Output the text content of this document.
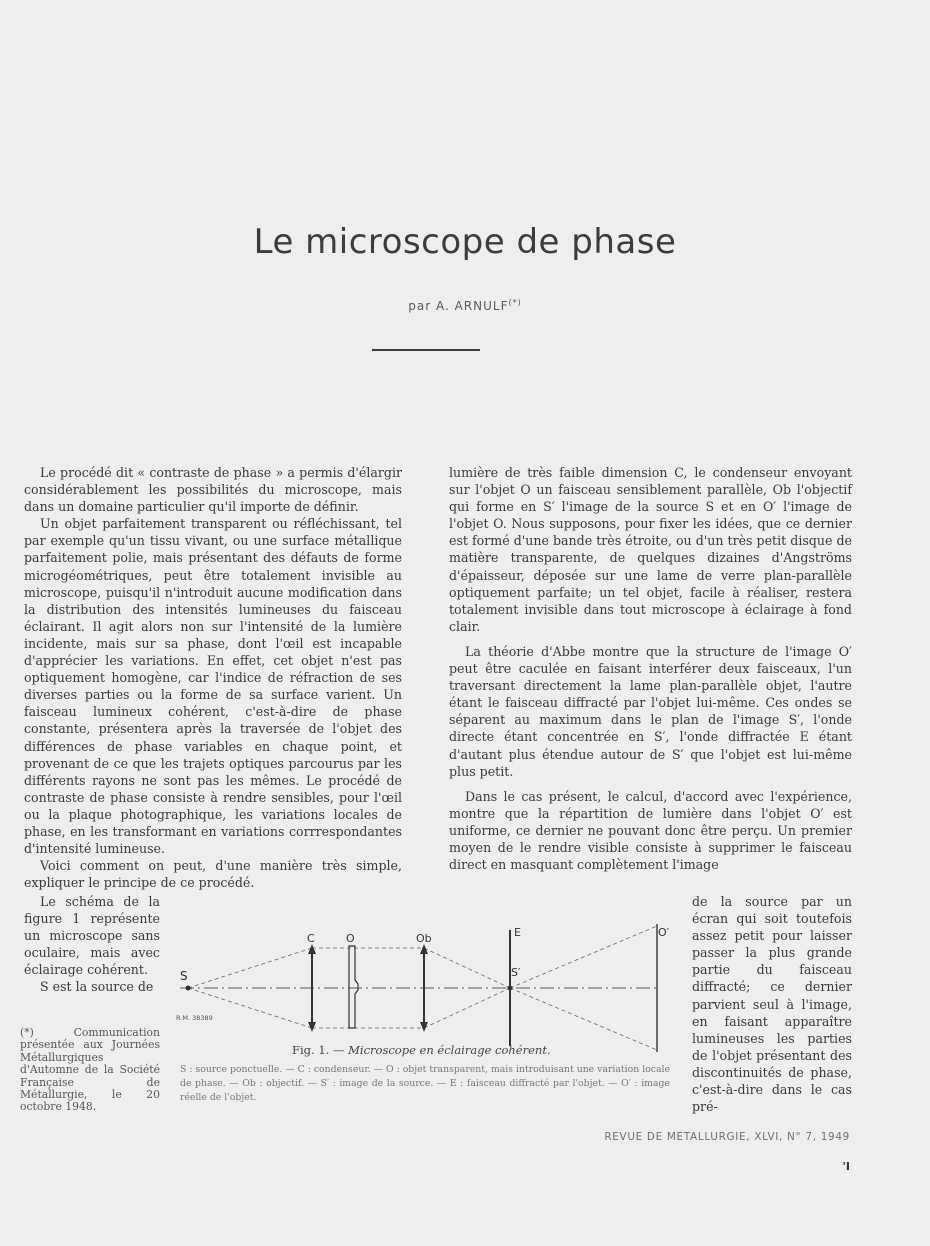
Le microscope de phase
par A. ARNULF(*)

Le procédé dit « contraste de phase » a permis d'élargir considérablement les possibilités du microscope, mais dans un domaine particulier qu'il importe de définir.

Un objet parfaitement transparent ou réfléchissant, tel par exemple qu'un tissu vivant, ou une surface métallique parfaitement polie, mais présentant des défauts de forme microgéométriques, peut être totalement invisible au microscope, puisqu'il n'introduit aucune modification dans la distribution des intensités lumineuses du faisceau éclairant. Il agit alors non sur l'intensité de la lumière incidente, mais sur sa phase, dont l'œil est incapable d'apprécier les variations. En effet, cet objet n'est pas optiquement homogène, car l'indice de réfraction de ses diverses parties ou la forme de sa surface varient. Un faisceau lumineux cohérent, c'est-à-dire de phase constante, présentera après la traversée de l'objet des différences de phase variables en chaque point, et provenant de ce que les trajets optiques parcourus par les différents rayons ne sont pas les mêmes. Le procédé de contraste de phase consiste à rendre sensibles, pour l'œil ou la plaque photographique, les variations locales de phase, en les transformant en variations corrrespondantes d'intensité lumineuse.

Voici comment on peut, d'une manière très simple, expliquer le principe de ce procédé.

Le schéma de la figure 1 représente un microscope sans oculaire, mais avec éclairage cohérent.

S est la source de

lumière de très faible dimension C, le condenseur envoyant sur l'objet O un faisceau sensiblement parallèle, Ob l'objectif qui forme en S′ l'image de la source S et en O′ l'image de l'objet O. Nous supposons, pour fixer les idées, que ce dernier est formé d'une bande très étroite, ou d'un très petit disque de matière transparente, de quelques dizaines d'Angströms d'épaisseur, déposée sur une lame de verre plan-parallèle optiquement parfaite; un tel objet, facile à réaliser, restera totalement invisible dans tout microscope à éclairage à fond clair.

La théorie d'Abbe montre que la structure de l'image O′ peut être caculée en faisant interférer deux faisceaux, l'un traversant directement la lame plan-parallèle objet, l'autre étant le faisceau diffracté par l'objet lui-même. Ces ondes se séparent au maximum dans le plan de l'image S′, l'onde directe étant concentrée en S′, l'onde diffractée E étant d'autant plus étendue autour de S′ que l'objet est lui-même plus petit.

Dans le cas présent, le calcul, d'accord avec l'expérience, montre que la répartition de lumière dans l'objet O′ est uniforme, ce dernier ne pouvant donc être perçu. Un premier moyen de le rendre visible consiste à supprimer le faisceau direct en masquant complètement l'image

de la source par un écran qui soit toutefois assez petit pour laisser passer la plus grande partie du faisceau diffracté; ce dernier parvient seul à l'image, en faisant apparaître lumineuses les parties de l'objet présentant des discontinuités de phase, c'est-à-dire dans le cas pré-

(*) Communication présentée aux Journées Métallurgiques d'Automne de la Société Française de Métallurgie, le 20 octobre 1948.
S
C	O	Ob	E
S′
O′
R.M. 38389
Fig. 1. — Microscope en éclairage cohérent.
S : source ponctuelle. — C : condenseur. — O : objet transparent, mais introduisant une variation locale de phase. — Ob : objectif. — S′ : image de la source. — E : faisceau diffracté par l'objet. — O′ : image réelle de l'objet.
REVUE DE METALLURGIE, XLVI, N° 7, 1949
'I
